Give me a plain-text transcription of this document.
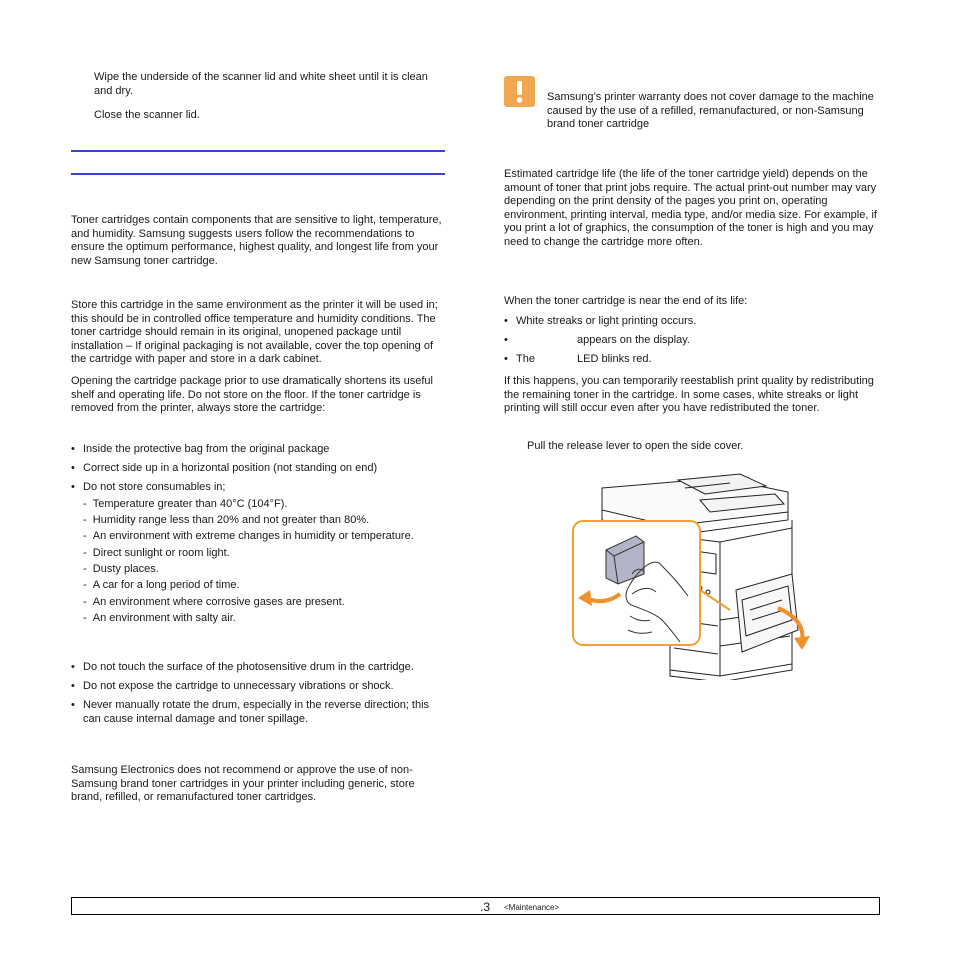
Wipe the underside of the scanner lid and white sheet until it is clean and dry.

Close the scanner lid.

Toner cartridges contain components that are sensitive to light, temperature, and humidity. Samsung suggests users follow the recommendations to ensure the optimum performance, highest quality, and longest life from your new Samsung toner cartridge.

Store this cartridge in the same environment as the printer it will be used in; this should be in controlled office temperature and humidity conditions. The toner cartridge should remain in its original, unopened package until installation – If original packaging is not available, cover the top opening of the cartridge with paper and store in a dark cabinet.

Opening the cartridge package prior to use dramatically shortens its useful shelf and operating life. Do not store on the floor. If the toner cartridge is removed from the printer, always store the cartridge:

• Inside the protective bag from the original package
• Correct side up in a horizontal position (not standing on end)
• Do not store consumables in;
-  Temperature greater than 40°C (104°F).
-  Humidity range less than 20% and not greater than 80%.
-  An environment with extreme changes in humidity or temperature.
-  Direct sunlight or room light.
-  Dusty places.
-  A car for a long period of time.
-  An environment where corrosive gases are present.
-  An environment with salty air.
• Do not touch the surface of the photosensitive drum in the cartridge.
• Do not expose the cartridge to unnecessary vibrations or shock.
• Never manually rotate the drum, especially in the reverse direction; this can cause internal damage and toner spillage.

Samsung Electronics does not recommend or approve the use of non-Samsung brand toner cartridges in your printer including generic, store brand, refilled, or remanufactured toner cartridges.

Samsung’s printer warranty does not cover damage to the machine caused by the use of a refilled, remanufactured, or non-Samsung brand toner cartridge

Estimated cartridge life (the life of the toner cartridge yield) depends on the amount of toner that print jobs require. The actual print-out number may vary depending on the print density of the pages you print on, operating environment, printing interval, media type, and/or media size. For example, if you print a lot of graphics, the consumption of the toner is high and you may need to change the cartridge more often.

When the toner cartridge is near the end of its life:

• White streaks or light printing occurs.
•	appears on the display.
• The	LED blinks red.

If this happens, you can temporarily reestablish print quality by redistributing the remaining toner in the cartridge. In some cases, white streaks or light printing will still occur even after you have redistributed the toner.

Pull the release lever to open the side cover.

.3 <Maintenance>
